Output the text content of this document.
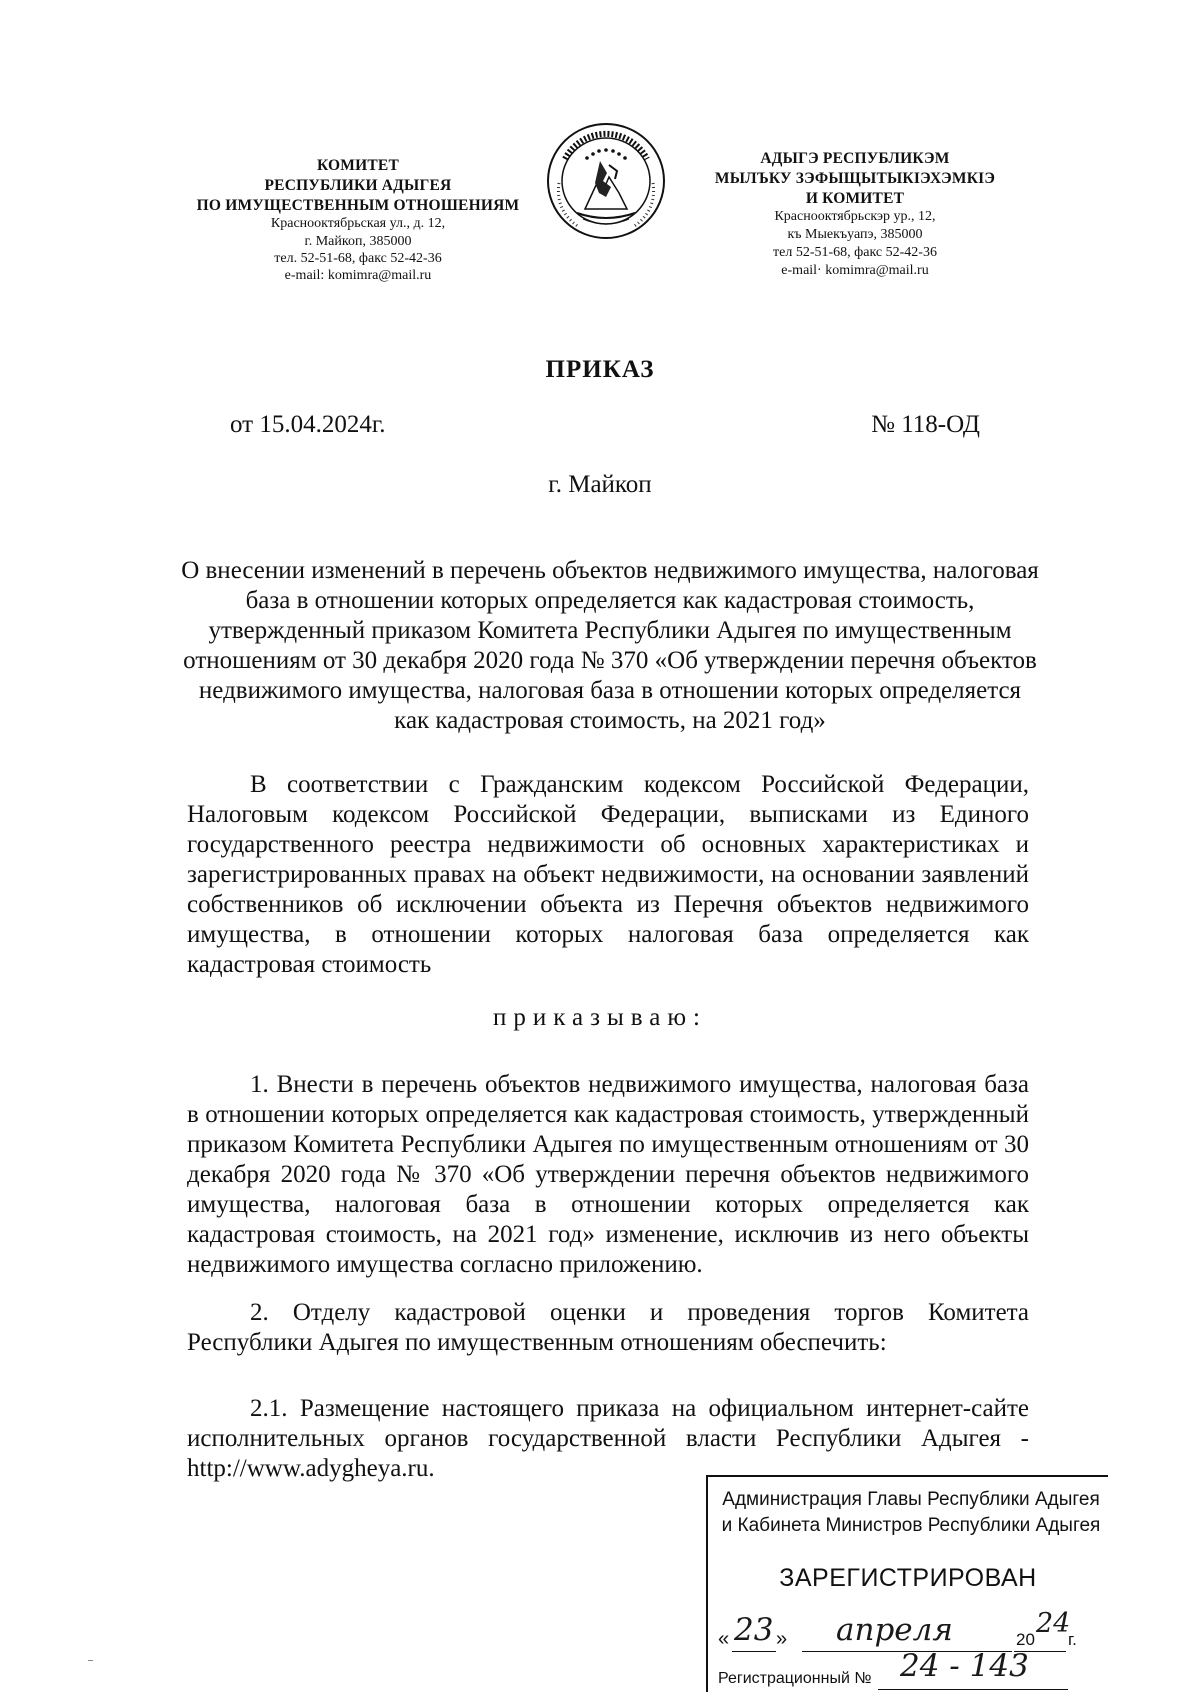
КОМИТЕТ
РЕСПУБЛИКИ АДЫГЕЯ
ПО ИМУЩЕСТВЕННЫМ ОТНОШЕНИЯМ
Краснооктябрьская ул., д. 12,
г. Майкоп, 385000
тел. 52-51-68, факс 52-42-36
e-mail: komimra@mail.ru
АДЫГЭ РЕСПУБЛИКЭМ
МЫЛЪКУ ЗЭФЫЩЫТЫКIЭХЭМКIЭ
И КОМИТЕТ
Краснооктябрьскэр ур., 12,
къ Мыекъуапэ, 385000
тел 52-51-68, факс 52-42-36
e-mail· komimra@mail.ru
ПРИКАЗ
от 15.04.2024г.	№ 118-ОД
г. Майкоп
О внесении изменений в перечень объектов недвижимого имущества, налоговая база в отношении которых определяется как кадастровая стоимость, утвержденный приказом Комитета Республики Адыгея по имущественным отношениям от 30 декабря 2020 года № 370 «Об утверждении перечня объектов недвижимого имущества, налоговая база в отношении которых определяется как кадастровая стоимость, на 2021 год»
В соответствии с Гражданским кодексом Российской Федерации, Налоговым кодексом Российской Федерации, выписками из Единого государственного реестра недвижимости об основных характеристиках и зарегистрированных правах на объект недвижимости, на основании заявлений собственников об исключении объекта из Перечня объектов недвижимого имущества, в отношении которых налоговая база определяется как кадастровая стоимость
приказываю:
1. Внести в перечень объектов недвижимого имущества, налоговая база в отношении которых определяется как кадастровая стоимость, утвержденный приказом Комитета Республики Адыгея по имущественным отношениям от 30 декабря 2020 года № 370 «Об утверждении перечня объектов недвижимого имущества, налоговая база в отношении которых определяется как кадастровая стоимость, на 2021 год» изменение, исключив из него объекты недвижимого имущества согласно приложению.
2. Отделу кадастровой оценки и проведения торгов Комитета Республики Адыгея по имущественным отношениям обеспечить:
2.1. Размещение настоящего приказа на официальном интернет-сайте исполнительных органов государственной власти Республики Адыгея - http://www.adygheya.ru.
Администрация Главы Республики Адыгея
и Кабинета Министров Республики Адыгея
ЗАРЕГИСТРИРОВАН
« 23 » апреля	20
24
г.
Регистрационный № 24 - 143
